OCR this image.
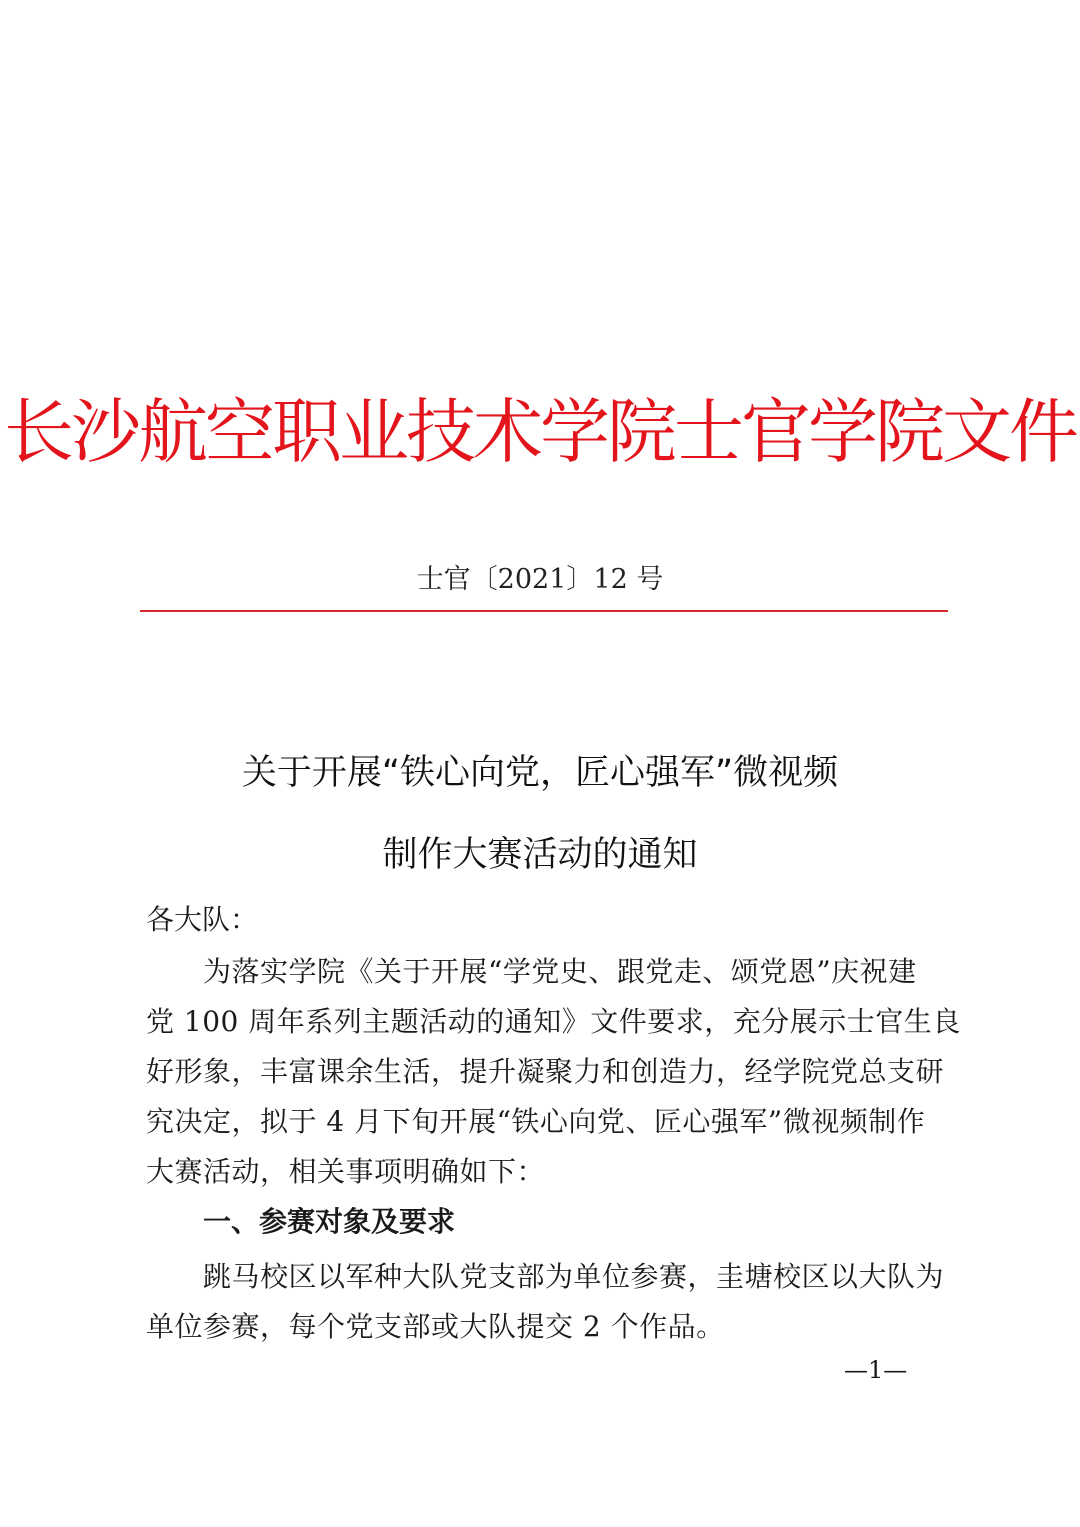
长沙航空职业技术学院士官学院文件
士官〔2021〕12 号
关于开展“铁心向党，匠心强军”微视频
制作大赛活动的通知
各大队：
为落实学院《关于开展“学党史、跟党走、颂党恩”庆祝建
党 100 周年系列主题活动的通知》文件要求，充分展示士官生良
好形象，丰富课余生活，提升凝聚力和创造力，经学院党总支研
究决定，拟于 4 月下旬开展“铁心向党、匠心强军”微视频制作
大赛活动，相关事项明确如下：
一、参赛对象及要求
跳马校区以军种大队党支部为单位参赛，圭塘校区以大队为
单位参赛，每个党支部或大队提交 2 个作品。
—1—
